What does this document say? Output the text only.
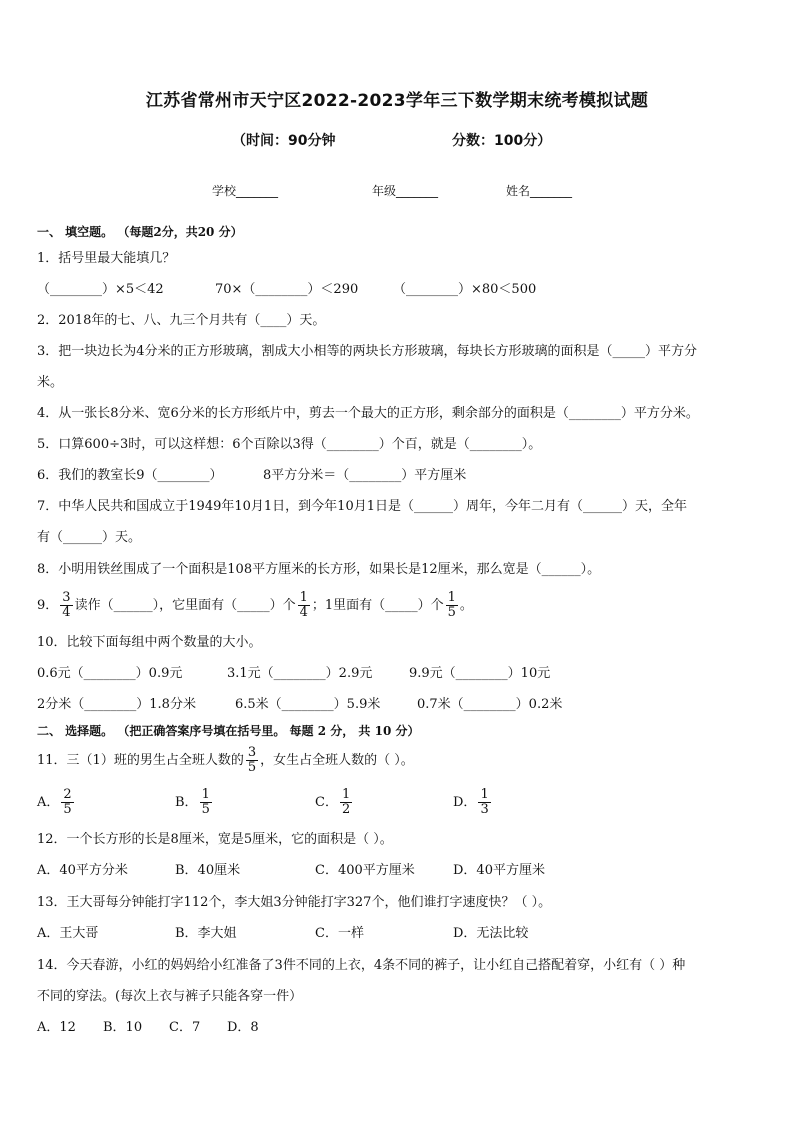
江苏省常州市天宁区2022-2023学年三下数学期末统考模拟试题
（时间：90分钟	分数：100分）
学校_______	年级_______	姓名_______
一、 填空题。 （每题2分，共20 分）
1．括号里最大能填几？
（________）×5＜42	70×（________）＜290	（________）×80＜500
2．2018年的七、八、九三个月共有（____）天。
3．把一块边长为4分米的正方形玻璃，割成大小相等的两块长方形玻璃，每块长方形玻璃的面积是（_____）平方分
米。
4．从一张长8分米、宽6分米的长方形纸片中，剪去一个最大的正方形，剩余部分的面积是（________）平方分米。
5．口算600÷3时，可以这样想：6个百除以3得（________）个百，就是（________）。
6．我们的教室长9（________）	8平方分米＝（________）平方厘米
7．中华人民共和国成立于1949年10月1日，到今年10月1日是（______）周年，今年二月有（______）天，全年
有（______）天。
8．小明用铁丝围成了一个面积是108平方厘米的长方形，如果长是12厘米，那么宽是（______）。
9． $\frac{3}{4}$ 读作（______），它里面有（_____）个 $\frac{1}{4}$ ；1里面有（_____）个 $\frac{1}{5}$ 。
10．比较下面每组中两个数量的大小。
0.6元（________）0.9元	3.1元（________）2.9元	9.9元（________）10元
2分米（________）1.8分米	6.5米（________）5.9米	0.7米（________）0.2米
二、 选择题。 （把正确答案序号填在括号里。 每题 2 分， 共 10 分）
11．三（1）班的男生占全班人数的 $\frac{3}{5}$ ，女生占全班人数的（ ）。
A． $\frac{2}{5}$	B． $\frac{1}{5}$	C． $\frac{1}{2}$	D． $\frac{1}{3}$
12．一个长方形的长是8厘米，宽是5厘米，它的面积是（ ）。
A．40平方分米	B．40厘米	C．400平方厘米	D．40平方厘米
13．王大哥每分钟能打字112个，李大姐3分钟能打字327个，他们谁打字速度快？（ ）。
A．王大哥	B．李大姐	C．一样	D．无法比较
14．今天春游，小红的妈妈给小红准备了3件不同的上衣，4条不同的裤子，让小红自己搭配着穿，小红有（ ）种
不同的穿法。(每次上衣与裤子只能各穿一件）
A．12 B．10 C．7 D．8
